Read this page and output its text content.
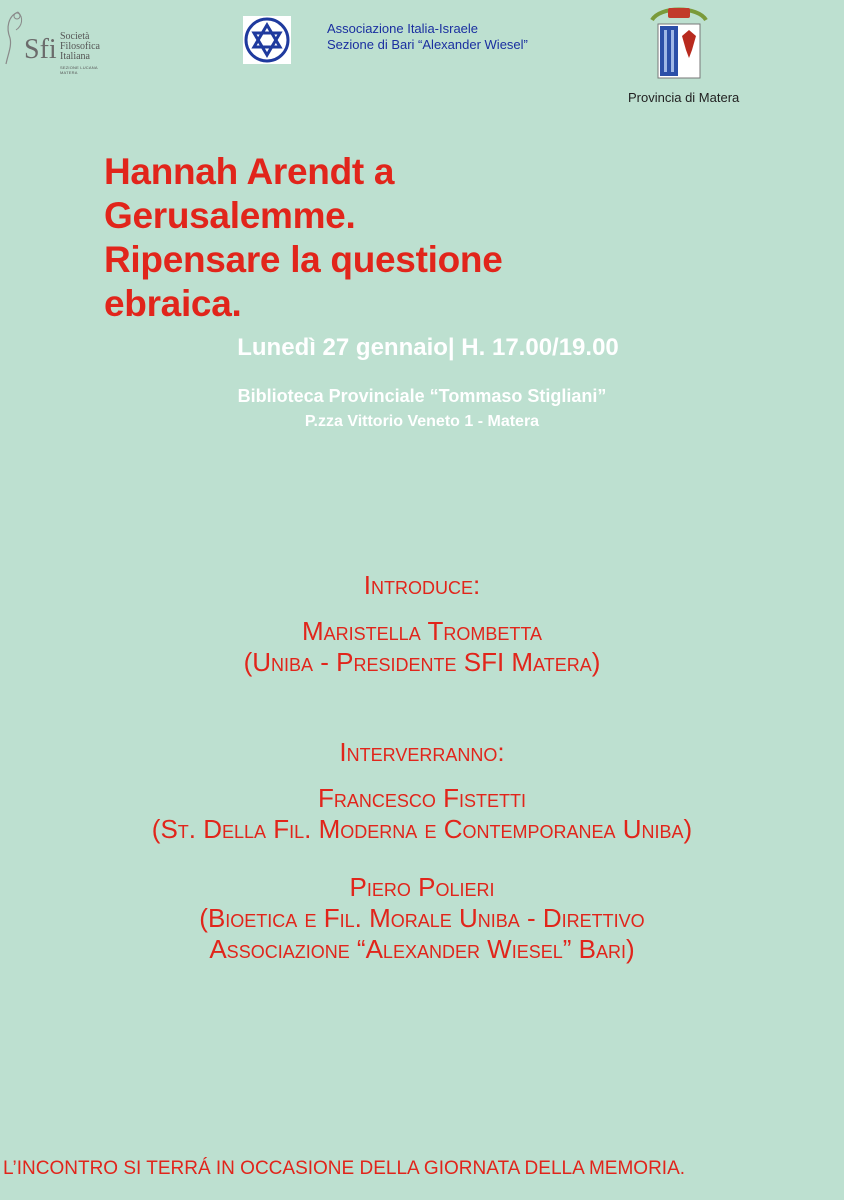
Sfi Società
Filosofica
Italiana
SEZIONE LUCANA MATERA
Associazione Italia-Israele
Sezione di Bari “Alexander Wiesel”
Provincia di Matera
Hannah Arendt a
Gerusalemme.
Ripensare la questione
ebraica.
Lunedì 27 gennaio| H. 17.00/19.00
Biblioteca Provinciale “Tommaso Stigliani”
P.zza Vittorio Veneto 1 - Matera
Introduce:
Maristella Trombetta
(Uniba - Presidente SFI Matera)
Interverranno:
Francesco Fistetti
(St. Della Fil. Moderna e Contemporanea Uniba)
Piero Polieri
(Bioetica e Fil. Morale Uniba - Direttivo
Associazione “Alexander Wiesel” Bari)
L’INCONTRO SI TERRÁ IN OCCASIONE DELLA GIORNATA DELLA MEMORIA.
